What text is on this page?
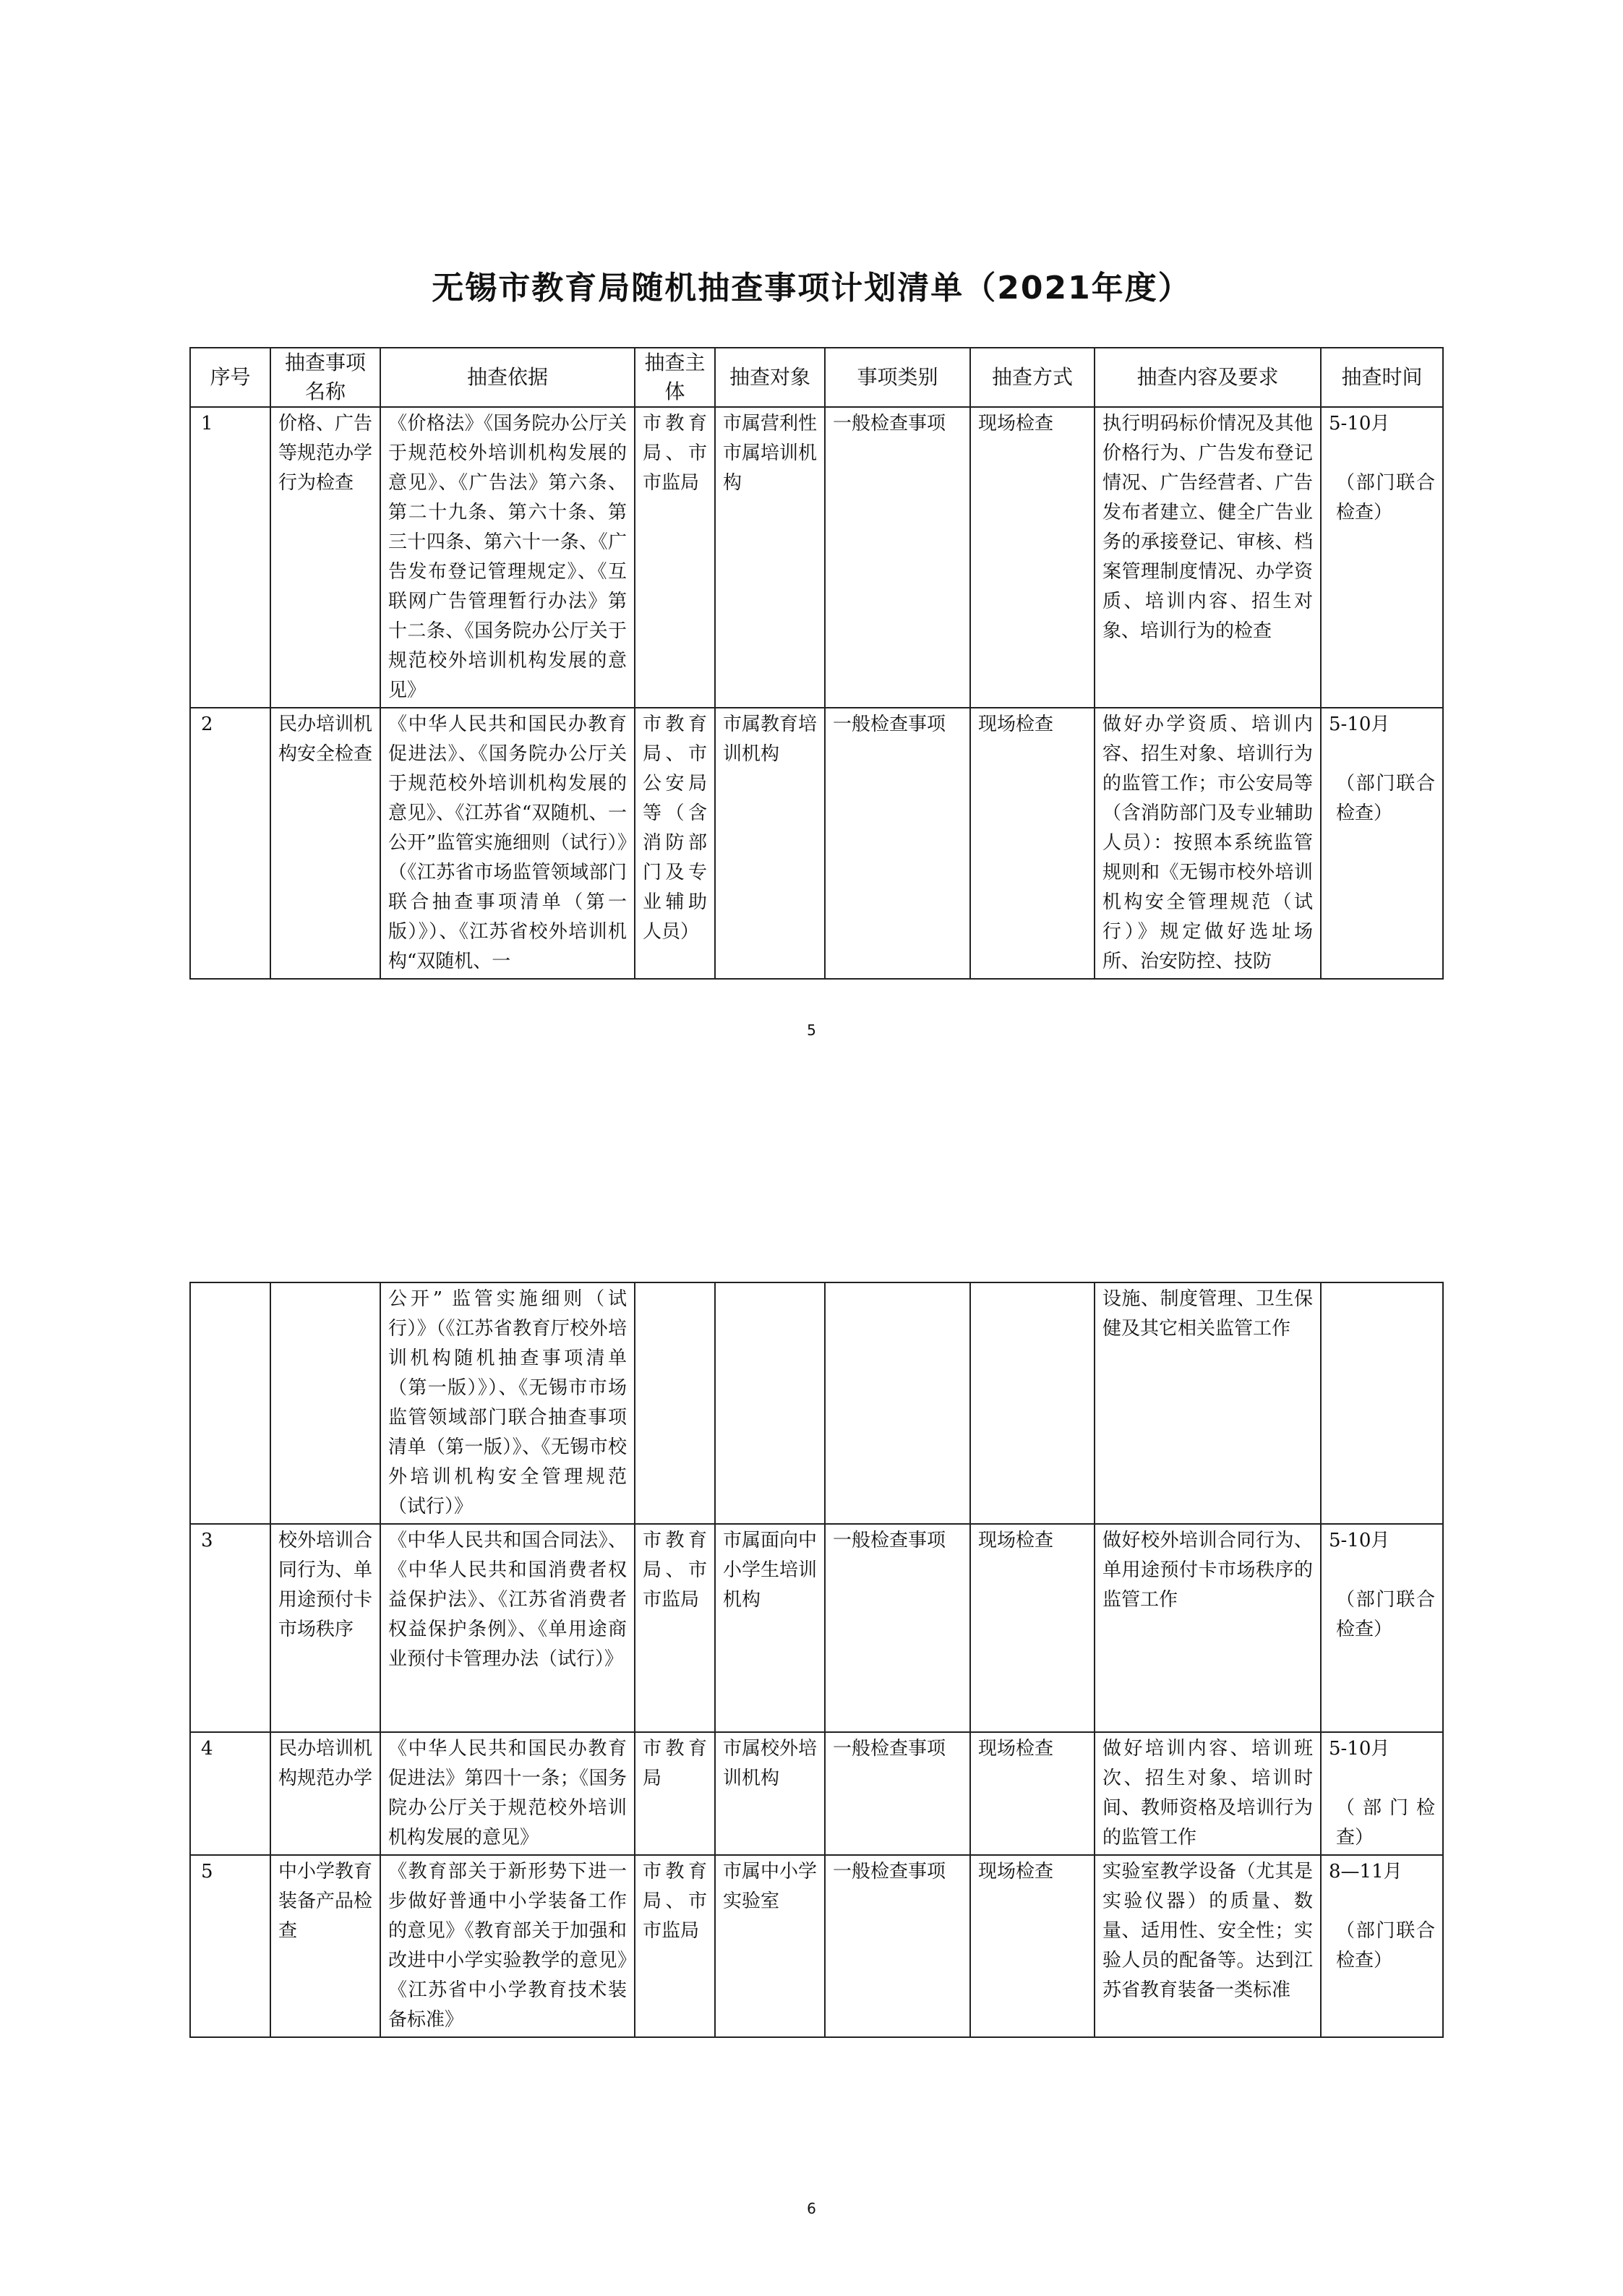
无锡市教育局随机抽查事项计划清单（2021年度）
序号	抽查事项名称	抽查依据	抽查主体	抽查对象	事项类别	抽查方式	抽查内容及要求	抽查时间
1	价格、广告等规范办学行为检查	《价格法》《国务院办公厅关于规范校外培训机构发展的意见》、《广告法》第六条、第二十九条、第六十条、第三十四条、第六十一条、《广告发布登记管理规定》、《互联网广告管理暂行办法》第十二条、《国务院办公厅关于规范校外培训机构发展的意见》	市教育局、市市监局	市属营利性市属培训机构	一般检查事项	现场检查	执行明码标价情况及其他价格行为、广告发布登记情况、广告经营者、广告发布者建立、健全广告业务的承接登记、审核、档案管理制度情况、办学资质、培训内容、招生对象、培训行为的检查	5-10月
（部门联合检查）

2	民办培训机构安全检查	《中华人民共和国民办教育促进法》、《国务院办公厅关于规范校外培训机构发展的意见》、《江苏省“双随机、一公开”监管实施细则（试行）》（《江苏省市场监管领域部门联合抽查事项清单（第一版）》）、《江苏省校外培训机构“双随机、一	市教育局、市公安局等（含消防部门及专业辅助人员）	市属教育培训机构	一般检查事项	现场检查	做好办学资质、培训内容、招生对象、培训行为的监管工作；市公安局等（含消防部门及专业辅助人员）：按照本系统监管规则和《无锡市校外培训机构安全管理规范（试行）》规定做好选址场所、治安防控、技防	5-10月
（部门联合检查）
5
		公开” 监管实施细则（试行）》（《江苏省教育厅校外培训机构随机抽查事项清单（第一版）》）、《无锡市市场监管领域部门联合抽查事项清单（第一版）》、《无锡市校外培训机构安全管理规范（试行）》					设施、制度管理、卫生保健及其它相关监管工作	
3	校外培训合同行为、单用途预付卡市场秩序	《中华人民共和国合同法》、《中华人民共和国消费者权益保护法》、《江苏省消费者权益保护条例》、《单用途商业预付卡管理办法（试行）》	市教育局、市市监局	市属面向中小学生培训机构	一般检查事项	现场检查	做好校外培训合同行为、单用途预付卡市场秩序的监管工作	5-10月
（部门联合检查）

4	民办培训机构规范办学	《中华人民共和国民办教育促进法》第四十一条；《国务院办公厅关于规范校外培训机构发展的意见》	市教育局	市属校外培训机构	一般检查事项	现场检查	做好培训内容、培训班次、招生对象、培训时间、教师资格及培训行为的监管工作	5-10月
（部门检查）

5	中小学教育装备产品检查	《教育部关于新形势下进一步做好普通中小学装备工作的意见》《教育部关于加强和改进中小学实验教学的意见》《江苏省中小学教育技术装备标准》	市教育局、市市监局	市属中小学实验室	一般检查事项	现场检查	实验室教学设备（尤其是实验仪器）的质量、数量、适用性、安全性；实验人员的配备等。达到江苏省教育装备一类标准	8—11月
（部门联合检查）
6
